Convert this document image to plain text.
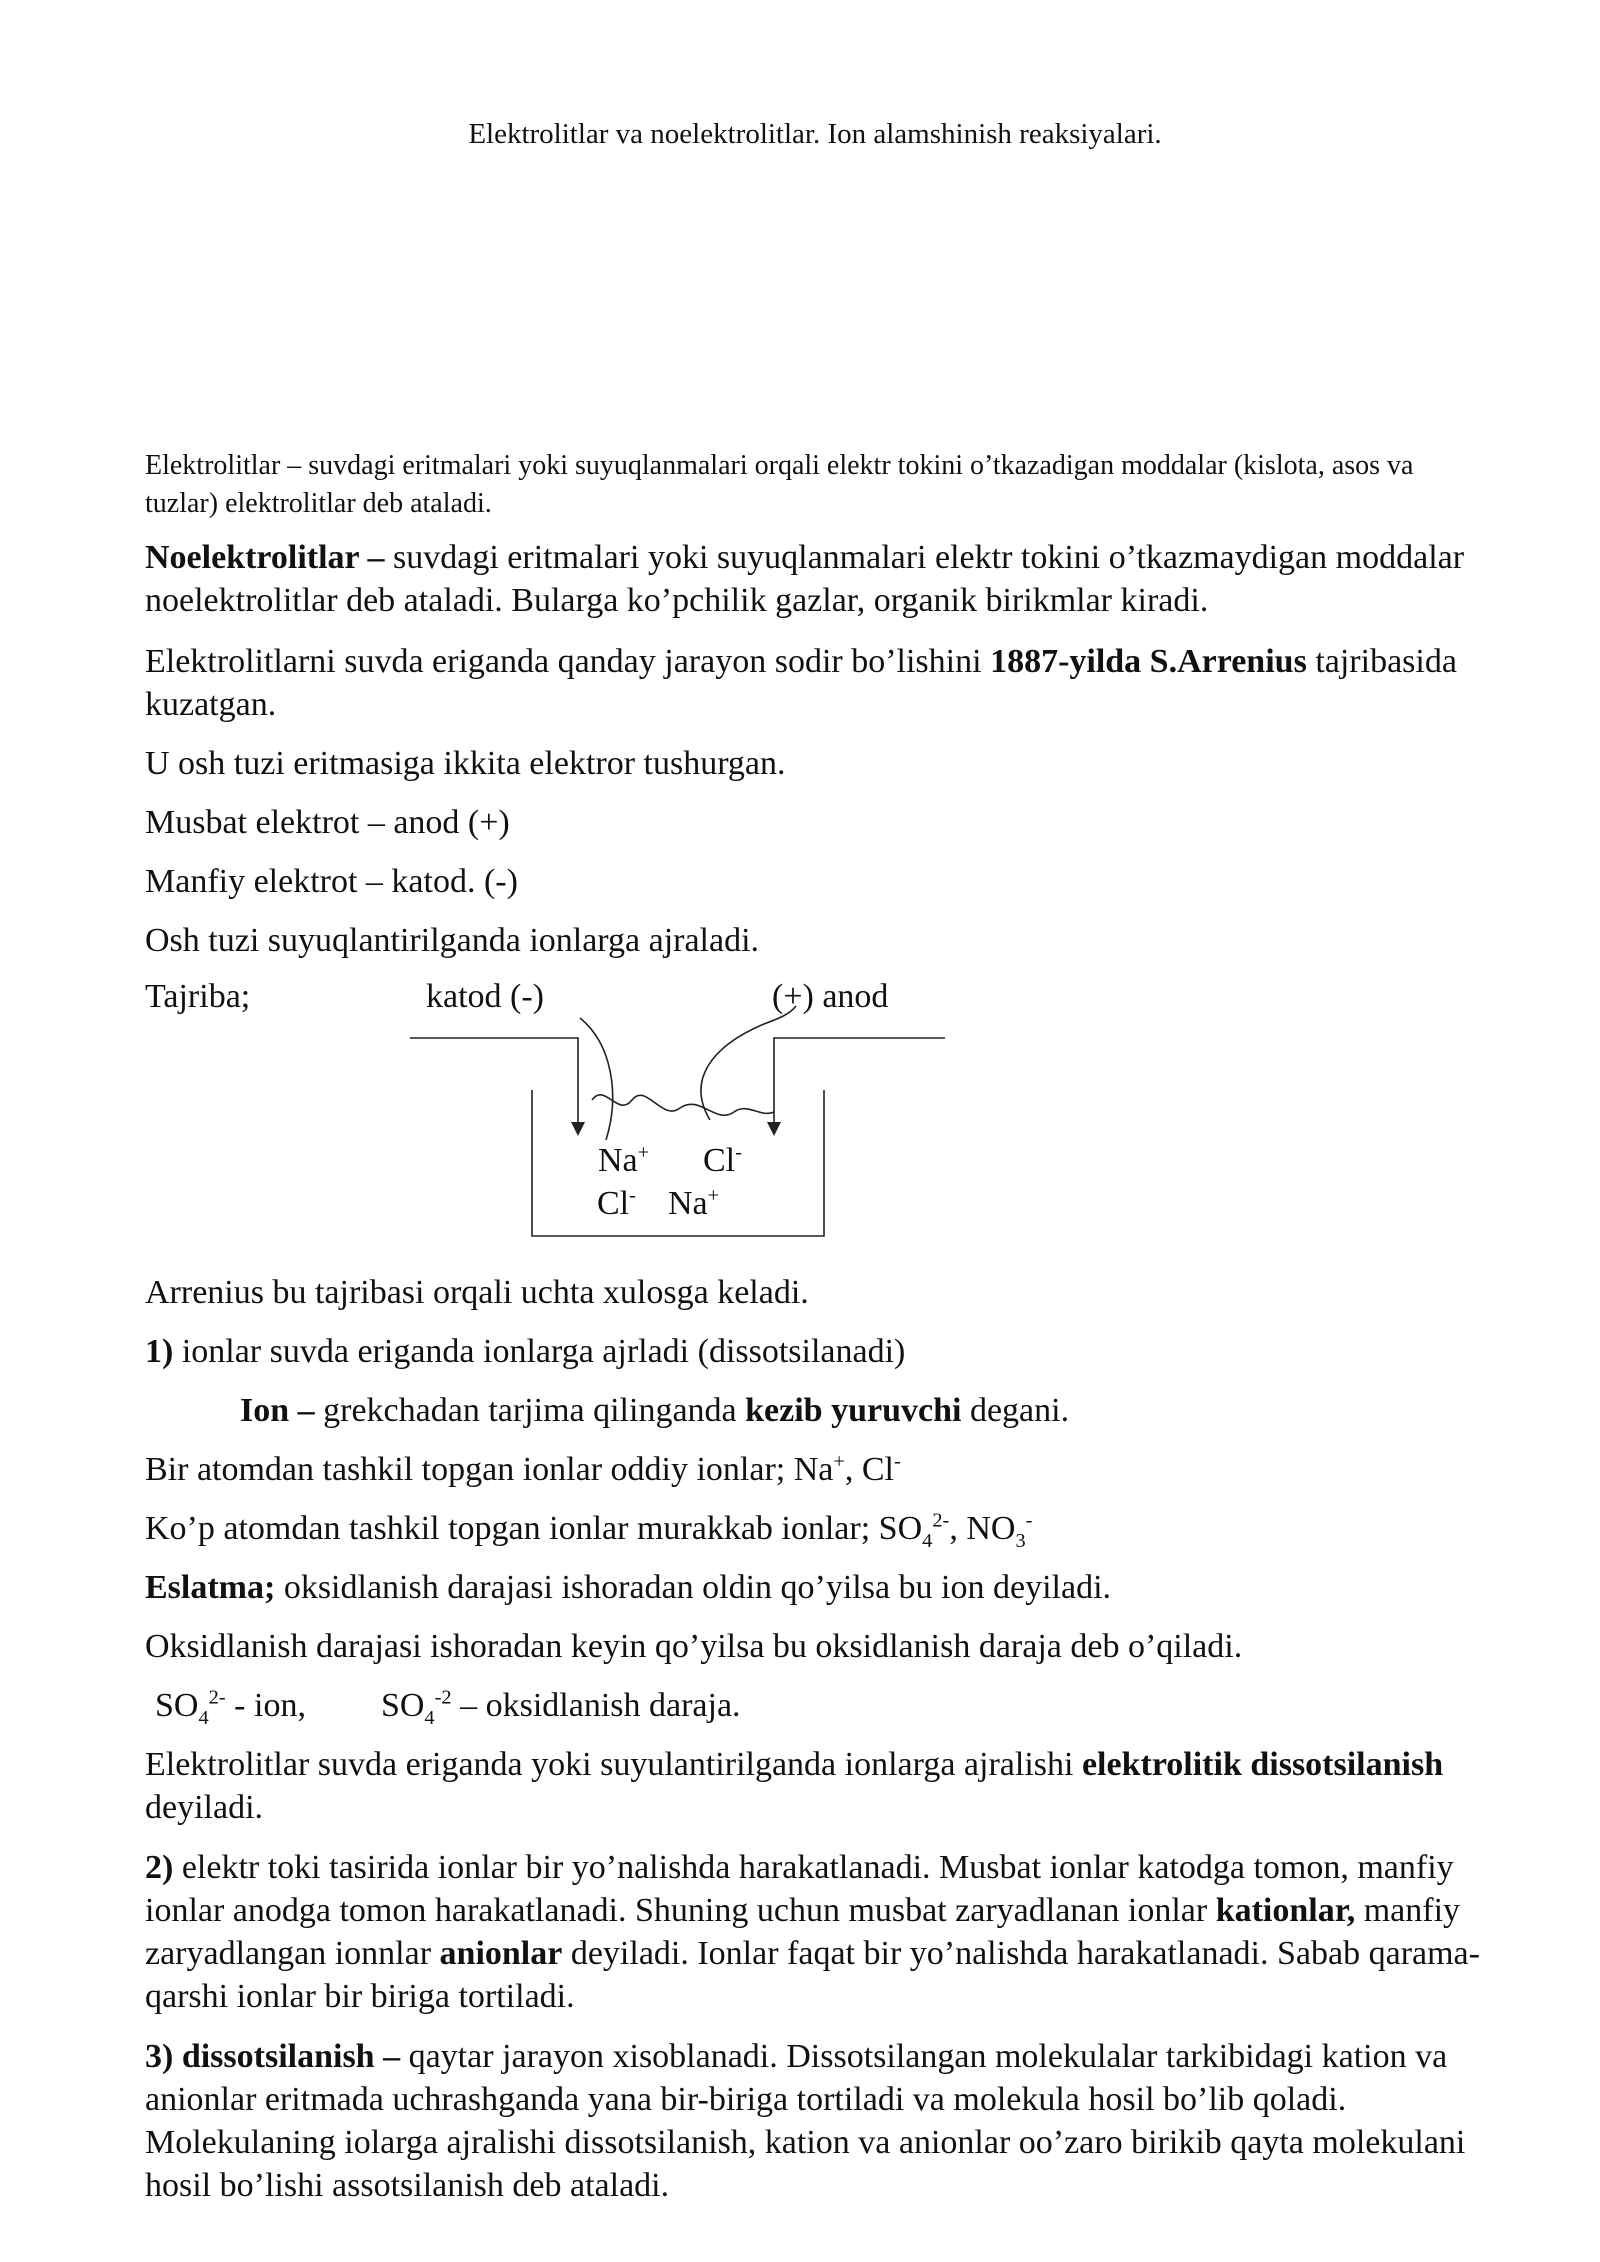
Elektrolitlar va noelektrolitlar. Ion alamshinish reaksiyalari.
Elektrolitlar – suvdagi eritmalari yoki suyuqlanmalari orqali elektr tokini o’tkazadigan moddalar (kislota, asos va tuzlar) elektrolitlar deb ataladi.
Noelektrolitlar – suvdagi eritmalari yoki suyuqlanmalari elektr tokini o’tkazmaydigan moddalar noelektrolitlar deb ataladi. Bularga ko’pchilik gazlar, organik birikmlar kiradi.
Elektrolitlarni suvda eriganda qanday jarayon sodir bo’lishini 1887-yilda S.Arrenius tajribasida kuzatgan.
U osh tuzi eritmasiga ikkita elektror tushurgan.
Musbat elektrot – anod (+)
Manfiy elektrot – katod. (-)
Osh tuzi suyuqlantirilganda ionlarga ajraladi.
Tajriba;	katod (-)	(+) anod
Na+ Cl-
Cl- Na+
Arrenius bu tajribasi orqali uchta xulosga keladi.
1) ionlar suvda eriganda ionlarga ajrladi (dissotsilanadi)
Ion – grekchadan tarjima qilinganda kezib yuruvchi degani.
Bir atomdan tashkil topgan ionlar oddiy ionlar; Na+, Cl-
Ko’p atomdan tashkil topgan ionlar murakkab ionlar; $SO_4^{2-}$, $NO_3^-$
Eslatma; oksidlanish darajasi ishoradan oldin qo’yilsa bu ion deyiladi.
Oksidlanish darajasi ishoradan keyin qo’yilsa bu oksidlanish daraja deb o’qiladi.
$SO_4^{2-}$ - ion, $SO_4^{-2}$ – oksidlanish daraja.
Elektrolitlar suvda eriganda yoki suyulantirilganda ionlarga ajralishi elektrolitik dissotsilanish deyiladi.
2) elektr toki tasirida ionlar bir yo’nalishda harakatlanadi. Musbat ionlar katodga tomon, manfiy ionlar anodga tomon harakatlanadi. Shuning uchun musbat zaryadlanan ionlar kationlar, manfiy zaryadlangan ionnlar anionlar deyiladi. Ionlar faqat bir yo’nalishda harakatlanadi. Sabab qarama-qarshi ionlar bir biriga tortiladi.
3) dissotsilanish – qaytar jarayon xisoblanadi. Dissotsilangan molekulalar tarkibidagi kation va anionlar eritmada uchrashganda yana bir-biriga tortiladi va molekula hosil bo’lib qoladi. Molekulaning iolarga ajralishi dissotsilanish, kation va anionlar oo’zaro birikib qayta molekulani hosil bo’lishi assotsilanish deb ataladi.
